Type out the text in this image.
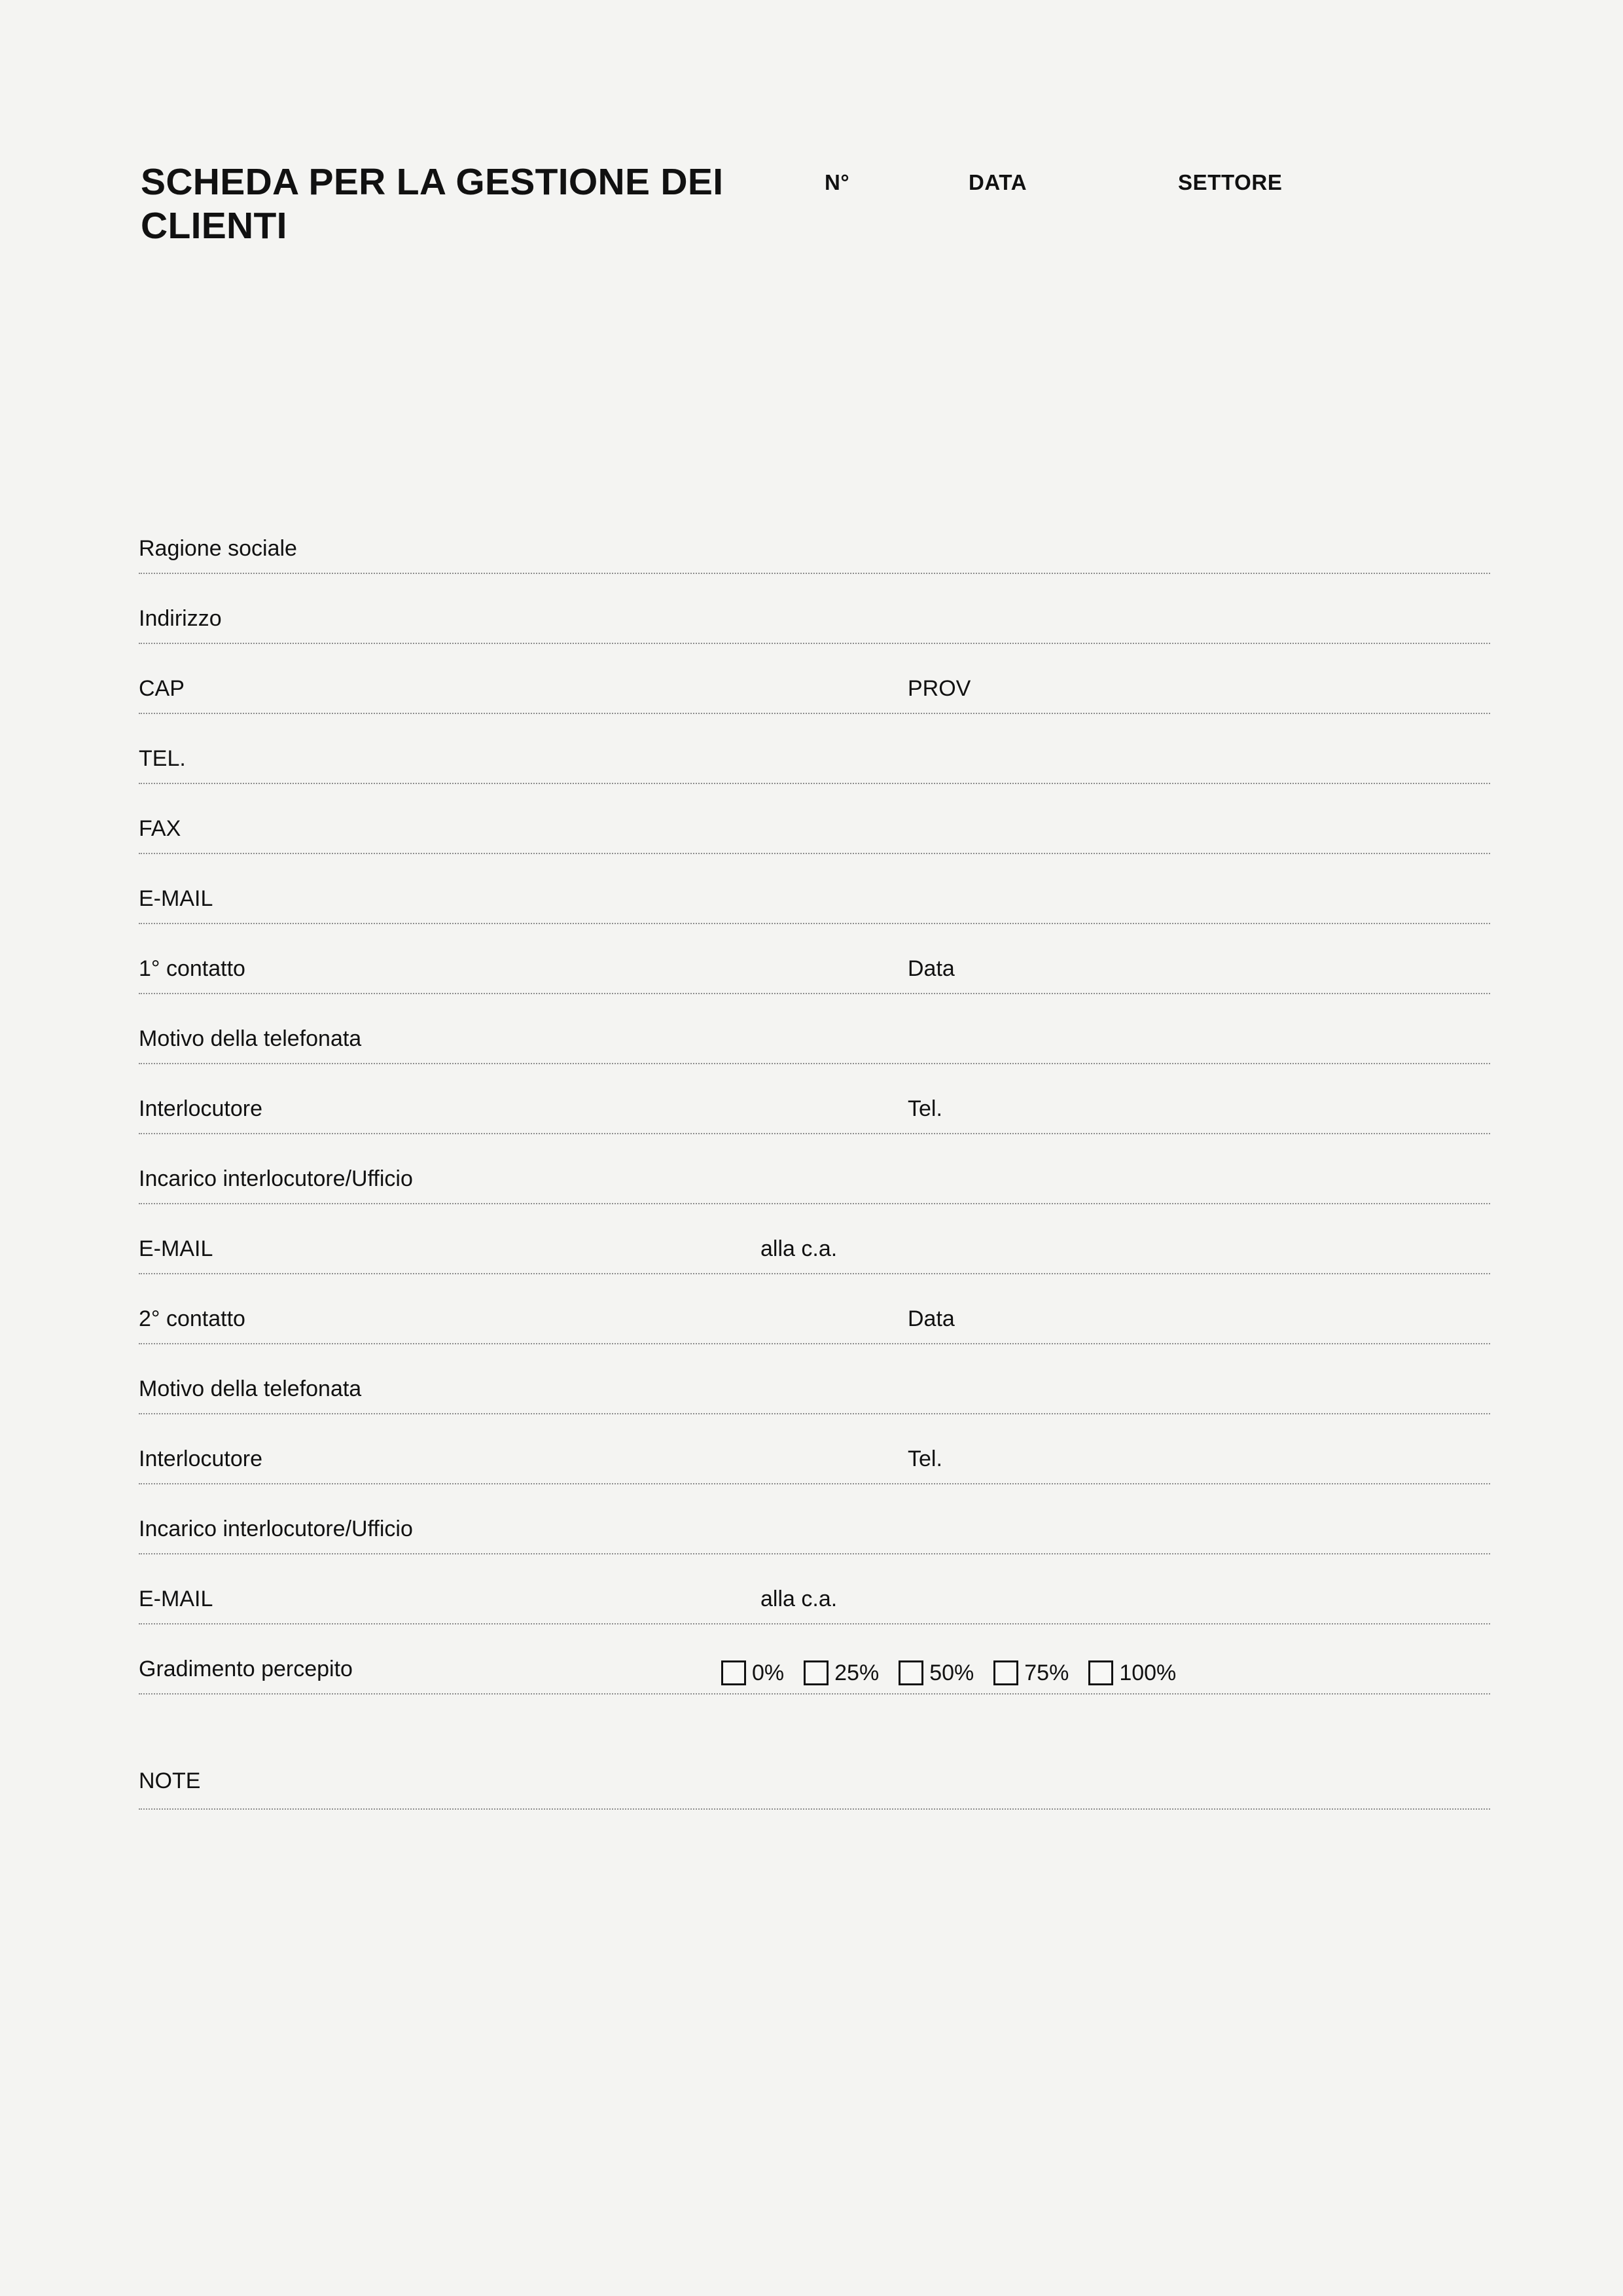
SCHEDA PER LA GESTIONE DEI CLIENTI
N°	DATA	SETTORE
Ragione sociale
Indirizzo
CAP	PROV
TEL.
FAX
E-MAIL
1° contatto	Data
Motivo della telefonata
Interlocutore	Tel.
Incarico interlocutore/Ufficio
E-MAIL	alla c.a.
2° contatto	Data
Motivo della telefonata
Interlocutore	Tel.
Incarico interlocutore/Ufficio
E-MAIL	alla c.a.
Gradimento percepito	0% 25% 50% 75% 100%
NOTE
